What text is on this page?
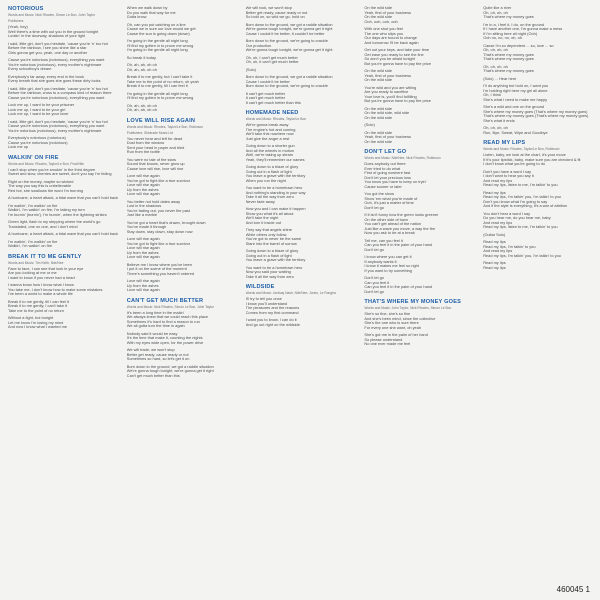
NOTORIOUS
Words and Music: Nick Rhodes, Simon Le Bon, John Taylor
Publishers
(Yeah, hey)
Well there's a time with out you in the ground tonight
Lookin' in the doorway, shadows of your light
I said, little girl, don't you hesitate, 'cause you're 'n' too hot
Before the rainbow, I see you shine like a star
Girls gonna get you, yeah, one day or another
Cause you're notorious (notorious), everything you want
You're notorious (notorious), every mother's nightmare
Every schoolboy's dream
Everybody's far away, every end in the book
Every breath that she goes she goes these dirty looks
I said, little girl, don't you hesitate, 'cause you're 'n' too hot
Before the rainbow, cross to a compass kind of reason there
Cause you're notorious (notorious), everything you want
Lock me up, I want to be your prisoner
Lock me up, I want to be your girl
Lock me up, I want to be your lover
I said, little girl, don't you hesitate, 'cause you're 'n' too hot
Cause you're notorious (notorious), everything you want
You're notorious (notorious), every mother's nightmare
Everybody's notorious (notorious)
Cause you're notorious (notorious)
Lock me up
WALKIN' ON FIRE
Words and Music: Rhodes, Taylor/Le Bon, Prod/Nile
I can't stop when you're smokin' in the third degree
Sweet and slow, cherries are sweet, don't you say I'm hiding
Right on the money, maybe so wicked
The way you say this is unbelievable
Red hot, she swallows the word I'm burning
A hurricane, a heart attack, a tidal wave that you can't hold back
I'm walkin', I'm walkin' on fire
Walkin', I'm walkin' on fire, I'm taking my turn
I'm burnin' (burnin'), I'm burnin', when the lightning strikes
Green light, flash to my stepping where the world's go
Translated, one on one, and I don't mind
A hurricane, a heart attack, a tidal wave that you can't hold back
I'm walkin', I'm walkin' on fire
Walkin', I'm walkin' on fire
BREAK IT TO ME GENTLY
Words and Music: Tim Keith, Nile/Nee
Face to face, I can see that look in your eye
Are you looking at me or me
I want to know if you never had a heart
I wanna know how I know what I know
You take me, I don't know how to make some mistakes
I've been a world to make a whole life
Break it to me gently, till I can feel it
Break it to me gently, I can't take it
Take me to the point of no return
Without a fight, but tonight
Let me know I'm losing my mind
And now I know what I wanted me
When we walk down by
Do you walk that way for me
Gotta know
Oh, can you put catching on a line
Cause we in sure our love would we get
Cause the sun is going down (down)
I'm going in the gentle all night long
I'll find my gotten in to prove me wrong
I'm going in the gentle all night long
So break it today
Oh, ah, ah, oh oh
Oh, ah, ah, oh oh
Break it to me gently, but I can't take it
Take me to the point of no return, oh yeah
Break it to me gently, till I can feel it
I'm going in the gentle all night long
I'll find my gotten in to prove me wrong
Oh, ah, ah, oh oh
Oh, ah, ah, oh oh
LOVE WILL RISE AGAIN
Words and Music: Rhodes, Taylor/Le Bon, Robinson
Publishers: Skintrade Music Ltd
You never hear and left for dead
Dust from the window
Sent your head in paper and bled
Run from the bottle
You were no tale of the stars
Sound that knows, never grow up
Cause love will rise, love will rise
Love will rise again
You've got to fight like a true survivor
Love will rise again
Up from the ashes
Love will rise again
You better not hold dates away
Lost in the shadows
You're fading out, you never the past
Just like a marble
You've got a heart that's drawn, brought down
You've made it through
Stay down, stay down, stay down now
Love will rise again
You've got to fight like a true survivor
Love will rise again
Up from the ashes
Love will rise again
Believe me I know where you've been
I put it on the scene of the moment
There's something you haven't ordered
Love will rise again
Up from the ashes
Love will rise again
CAN'T GET MUCH BETTER
Words and Music: Nick Rhodes, Simon Le Bon, John Taylor
It's been a long time in the makin'
We always knew that we could reach this place
Sometimes it's hard to find a reason to run
We all gotta turn the time in again
Nobody said it would be easy
It's the time that make it, counting the nights
With my eyes wide open, for the power drive
We will trade, we won't stop
Better get ready, cause ready or not
Sometimes so hard, so let's get it on
Born down to the ground, we got a raddle situation
We're gonna tough tonight, we're gonna get it right
Can't get much better than this
We will rock, we won't stop
Better get ready, cause ready or not
So bold on, so wild we go, hold on
Born down to the ground, we got a raddle situation
We're gonna tough tonight, we're gonna get it right
Cause I couldn't be better, it couldn't be better
Born down to the ground, we're going to crackle
Our production
We're gonna tough tonight, we're gonna get it right
Oh, oh, I can't get much better
Oh, oh, it can't get much better
(Solo)
Born down to the ground, we got a raddle situation
Cause I couldn't be better
Born down to the ground, we're going to crackle
It can't get much better
It can't get much better
It can't get much better than this
HOMEMADE NEED
Words and Music: Rhodes, Taylor/Le Bon
We're gonna break away
The engine's hot and coming
We'll take this nowhere now
Just give the anger a rest
Going down to a shorter gun
And all the wheels in motion
Well, we're taking up steam
Yeah, they'll remember our names
Going down to a blaze of glory
Going out in a flash of light
You leave a grave with the territory
When you run the night
You want to be a hometown hero
And nothing's standing in your way
Take it all the way from zero
Never fade away
How you and I can make it happen
Show you what it's all about
We'll take the night
And turn it inside out
They say that angels shine
While others only follow
You've got to never be the same
Stare into the barrel of sorrow
Going down to a blaze of glory
Going out in a flash of light
You leave a grave with the territory
You want to be a hometown hero
Now you said your waiting
Take it all the way from zero
WILDSIDE
Words and Music: Lindsay Nash, Nile/Nee, Jones, Le Rongha
I'll try to tell you once
I know you'll understand
The pleasures and the reasons
Comes from my first command
I want you to know, I can do it
And go out right on the wildside
On the wild side
Yeah, first of your business
On the wild side
Ooh, ooh, ooh, ooh
With one shot you feel
The one who slips you
Our days are bound to change
And tomorrow I'll be back again
Get out your keys, and take your time
Get ease you ready to see the line
So don't you be afraid tonight
But you're gonna have to pay the price
On the wild side
Yeah, first of your business
On the wild side
You're wild and you are willing
Are you ready to sacrifice
Your love is, you'll find fulfilling
But you're gonna have to pay the price
On the wild side
On the wild side, wild side
On the wild side
(Solo)
On the wild side
Yeah, first of your business
On the wild side
DON'T LET GO
Words and Music: Nile/Nee, Nick Rhodes, Robinson
Does anybody out there
Ever tried to do what
First of going nowhere fast
Don't let your precious loss
You know you have to keep on tryin'
Cause sooner or later
You got the show
Show 'em what you're made of
Ooh, it's just a matter of time
Don't let go
If it isn't funny how the green looks greener
On the other side of town
You can't get ahead of the nation
Just like a wave you move, a way the fire
Now you ask to be at a break
Tell me, can you feel it
Can you feel it in the palm of your hand
Don't let go
I know where you can get it
If anybody wants it
I know it makes me feel so right
If you want to try something
Don't let go
Can you feel it
Can you feel it in the palm of your hand
Don't let go
THAT'S WHERE MY MONEY GOES
Words and Music: John Taylor, Nick Rhodes, Simon Le Bon
She's so fine, she's so fine
And she's been mind, since the collective
She's the one who is sure there
For every one she want, oh yeah
She's got me in the palm of her hand
So please understand
No one ever made me feel
Quite like a river
Oh, oh, oh, oh
That's where my money goes
I'm in a, I feel it, I do, on the ground
If I have another one, I'm gonna make a mess
If I'm sitting here all night (Ooh)
Ooh no, no, no, oh, oh
Cause I'm so dependent ... so, love ... so
Oh, oh, oh, oh
That's where my money goes
That's where my money goes
Oh, oh, oh, oh
That's where my money goes
(Solo) ... Hear here
I'll do anything but hold on, I want you
I'm holding right here my girl all alone
Oh, I think
She's what I need to make me happy
She's a wild and one on the ground
She's where my money goes (That's where my money goes)
That's where my money goes (That's where my money goes)
She's what it ends
Oh, oh, oh, oh
Run, Bye, Sweat, Wipe and Goodbye
READ MY LIPS
Words and Music: Rhodes, Taylor/Le Bon, Robinson
Listen, baby, we look at the chart, it's your move
If it's your lipstick, baby, make sure you are checked & fit
I don't know what you're going to do
Don't you have a word I say
I don't want to hear you say it
And read my lips
Read my lips, listen to me, I'm talkin' to you
Read my lips
Read my lips, I'm talkin' you, I'm talkin' to you
Don't you know what I'm going to say
And if the style is everything, it's a war of attrition
You don't hear a word I say
Do you hear me, do you hear me, baby
And read my lips
Read my lips, listen to me, I'm talkin' to you
(Guitar Solo)
Read my lips
Read my lips, I'm talkin' to you
And read my lips
Read my lips, I'm talkin' you, I'm talkin' to you
Read my lips
Read my lips
460045 1
